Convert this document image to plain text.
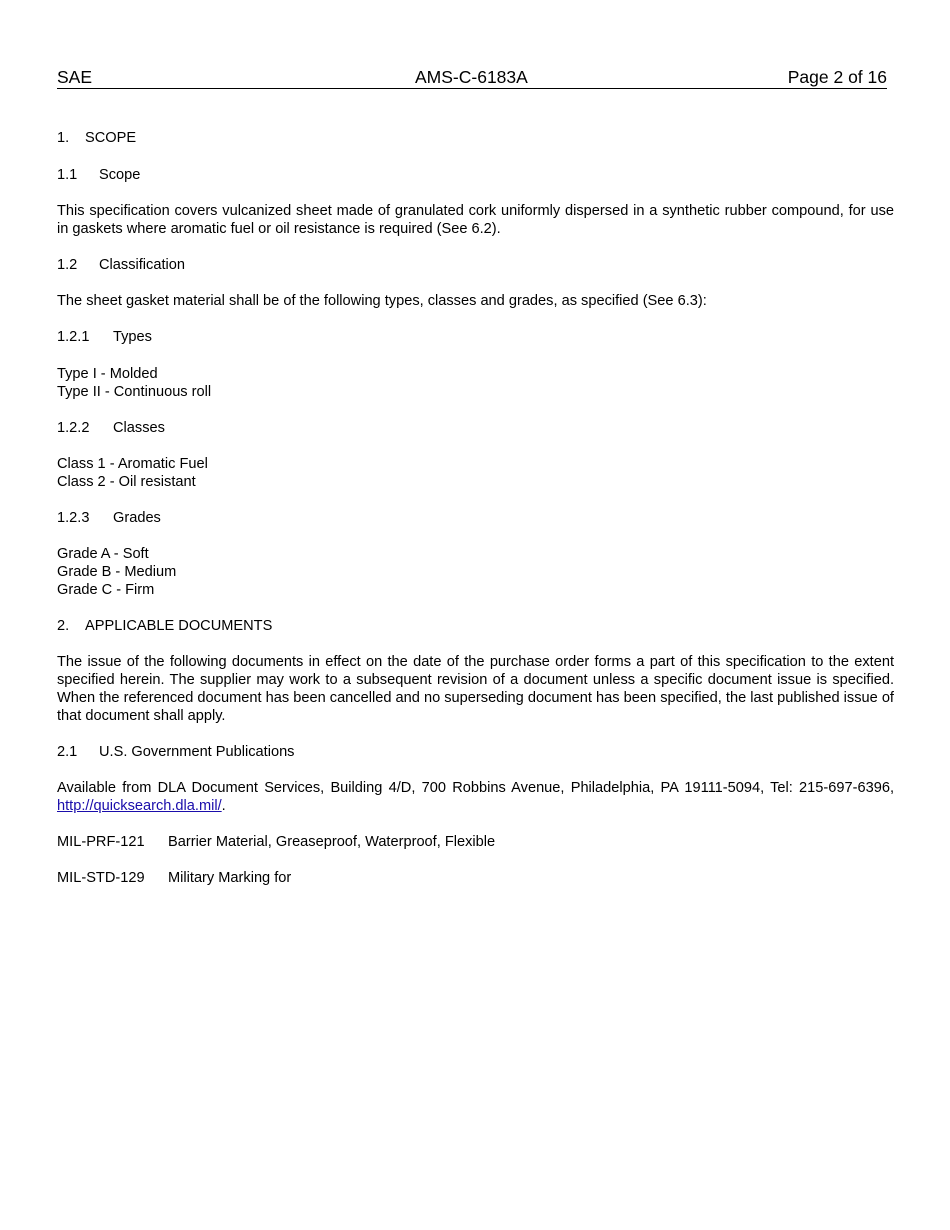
SAE	AMS-C-6183A	Page 2 of 16
1. SCOPE
1.1 Scope
This specification covers vulcanized sheet made of granulated cork uniformly dispersed in a synthetic rubber compound, for use in gaskets where aromatic fuel or oil resistance is required (See 6.2).
1.2 Classification
The sheet gasket material shall be of the following types, classes and grades, as specified (See 6.3):
1.2.1 Types
Type I - Molded
Type II - Continuous roll
1.2.2 Classes
Class 1 - Aromatic Fuel
Class 2 - Oil resistant
1.2.3 Grades
Grade A - Soft
Grade B - Medium
Grade C - Firm
2. APPLICABLE DOCUMENTS
The issue of the following documents in effect on the date of the purchase order forms a part of this specification to the extent specified herein. The supplier may work to a subsequent revision of a document unless a specific document issue is specified. When the referenced document has been cancelled and no superseding document has been specified, the last published issue of that document shall apply.
2.1 U.S. Government Publications
Available from DLA Document Services, Building 4/D, 700 Robbins Avenue, Philadelphia, PA 19111-5094, Tel: 215-697-6396, http://quicksearch.dla.mil/.
MIL-PRF-121 Barrier Material, Greaseproof, Waterproof, Flexible
MIL-STD-129 Military Marking for
